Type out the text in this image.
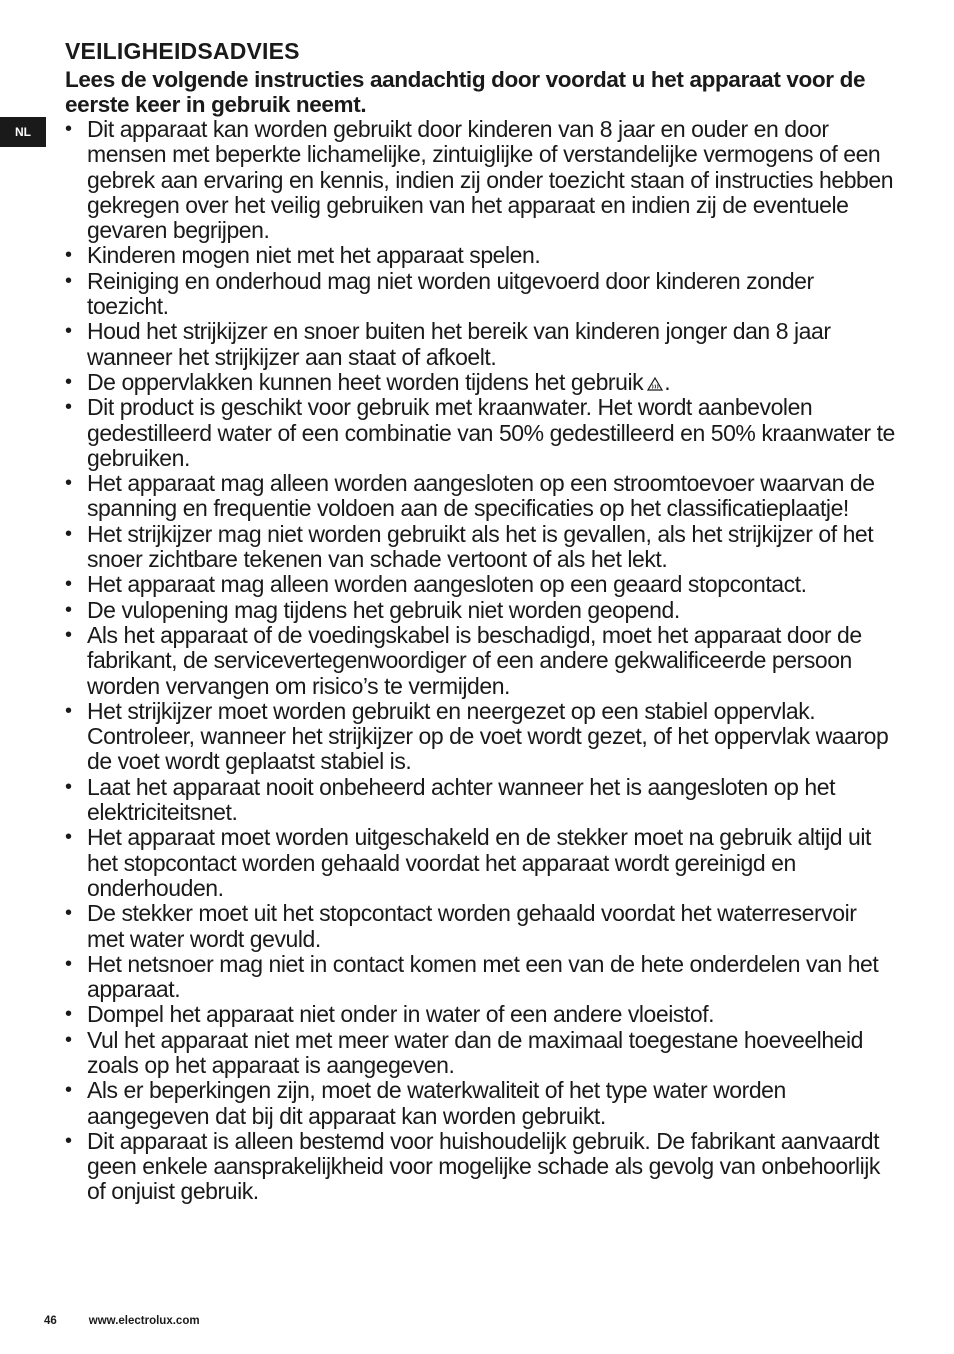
NL
VEILIGHEIDSADVIES

Lees de volgende instructies aandachtig door voordat u het apparaat voor de eerste keer in gebruik neemt.

• Dit apparaat kan worden gebruikt door kinderen van 8 jaar en ouder en door mensen met beperkte lichamelijke, zintuiglijke of verstandelijke vermogens of een gebrek aan ervaring en kennis, indien zij onder toezicht staan of instructies hebben gekregen over het veilig gebruiken van het apparaat en indien zij de eventuele gevaren begrijpen.
• Kinderen mogen niet met het apparaat spelen.
• Reiniging en onderhoud mag niet worden uitgevoerd door kinderen zonder toezicht.
• Houd het strijkijzer en snoer buiten het bereik van kinderen jonger dan 8 jaar wanneer het strijkijzer aan staat of afkoelt.
• De oppervlakken kunnen heet worden tijdens het gebruik .
• Dit product is geschikt voor gebruik met kraanwater. Het wordt aanbevolen gedestilleerd water of een combinatie van 50% gedestilleerd en 50% kraanwater te gebruiken.
• Het apparaat mag alleen worden aangesloten op een stroomtoevoer waarvan de spanning en frequentie voldoen aan de specificaties op het classificatieplaatje!
• Het strijkijzer mag niet worden gebruikt als het is gevallen, als het strijkijzer of het snoer zichtbare tekenen van schade vertoont of als het lekt.
• Het apparaat mag alleen worden aangesloten op een geaard stopcontact.
• De vulopening mag tijdens het gebruik niet worden geopend.
• Als het apparaat of de voedingskabel is beschadigd, moet het apparaat door de fabrikant, de servicevertegenwoordiger of een andere gekwalificeerde persoon worden vervangen om risico’s te vermijden.
• Het strijkijzer moet worden gebruikt en neergezet op een stabiel oppervlak. Controleer, wanneer het strijkijzer op de voet wordt gezet, of het oppervlak waarop de voet wordt geplaatst stabiel is.
• Laat het apparaat nooit onbeheerd achter wanneer het is aangesloten op het elektriciteitsnet.
• Het apparaat moet worden uitgeschakeld en de stekker moet na gebruik altijd uit het stopcontact worden gehaald voordat het apparaat wordt gereinigd en onderhouden.
• De stekker moet uit het stopcontact worden gehaald voordat het waterreservoir met water wordt gevuld.
• Het netsnoer mag niet in contact komen met een van de hete onderdelen van het apparaat.
• Dompel het apparaat niet onder in water of een andere vloeistof.
• Vul het apparaat niet met meer water dan de maximaal toegestane hoeveelheid zoals op het apparaat is aangegeven.
• Als er beperkingen zijn, moet de waterkwaliteit of het type water worden aangegeven dat bij dit apparaat kan worden gebruikt.
• Dit apparaat is alleen bestemd voor huishoudelijk gebruik. De fabrikant aanvaardt geen enkele aansprakelijkheid voor mogelijke schade als gevolg van onbehoorlijk of onjuist gebruik.
46	www.electrolux.com
